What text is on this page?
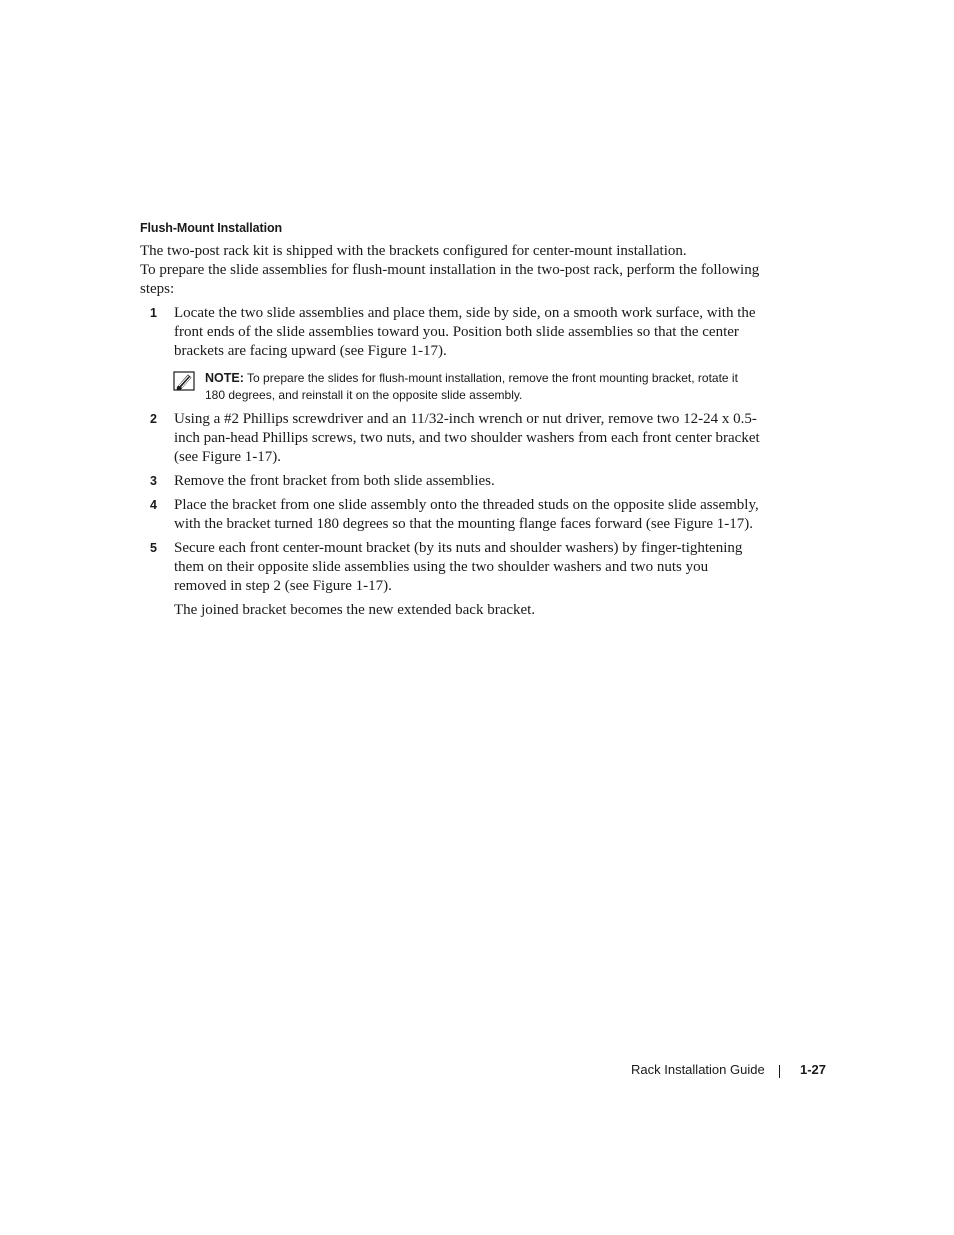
Flush-Mount Installation

The two-post rack kit is shipped with the brackets configured for center-mount installation.

To prepare the slide assemblies for flush-mount installation in the two-post rack, perform the following steps:

1 Locate the two slide assemblies and place them, side by side, on a smooth work surface, with the front ends of the slide assemblies toward you. Position both slide assemblies so that the center brackets are facing upward (see Figure 1-17).
NOTE: To prepare the slides for flush-mount installation, remove the front mounting bracket, rotate it 180 degrees, and reinstall it on the opposite slide assembly.
2 Using a #2 Phillips screwdriver and an 11/32-inch wrench or nut driver, remove two 12-24 x 0.5-inch pan-head Phillips screws, two nuts, and two shoulder washers from each front center bracket (see Figure 1-17).
3 Remove the front bracket from both slide assemblies.
4 Place the bracket from one slide assembly onto the threaded studs on the opposite slide assembly, with the bracket turned 180 degrees so that the mounting flange faces forward (see Figure 1-17).
5 Secure each front center-mount bracket (by its nuts and shoulder washers) by finger-tightening them on their opposite slide assemblies using the two shoulder washers and two nuts you removed in step 2 (see Figure 1-17).

The joined bracket becomes the new extended back bracket.

Rack Installation Guide	1-27
